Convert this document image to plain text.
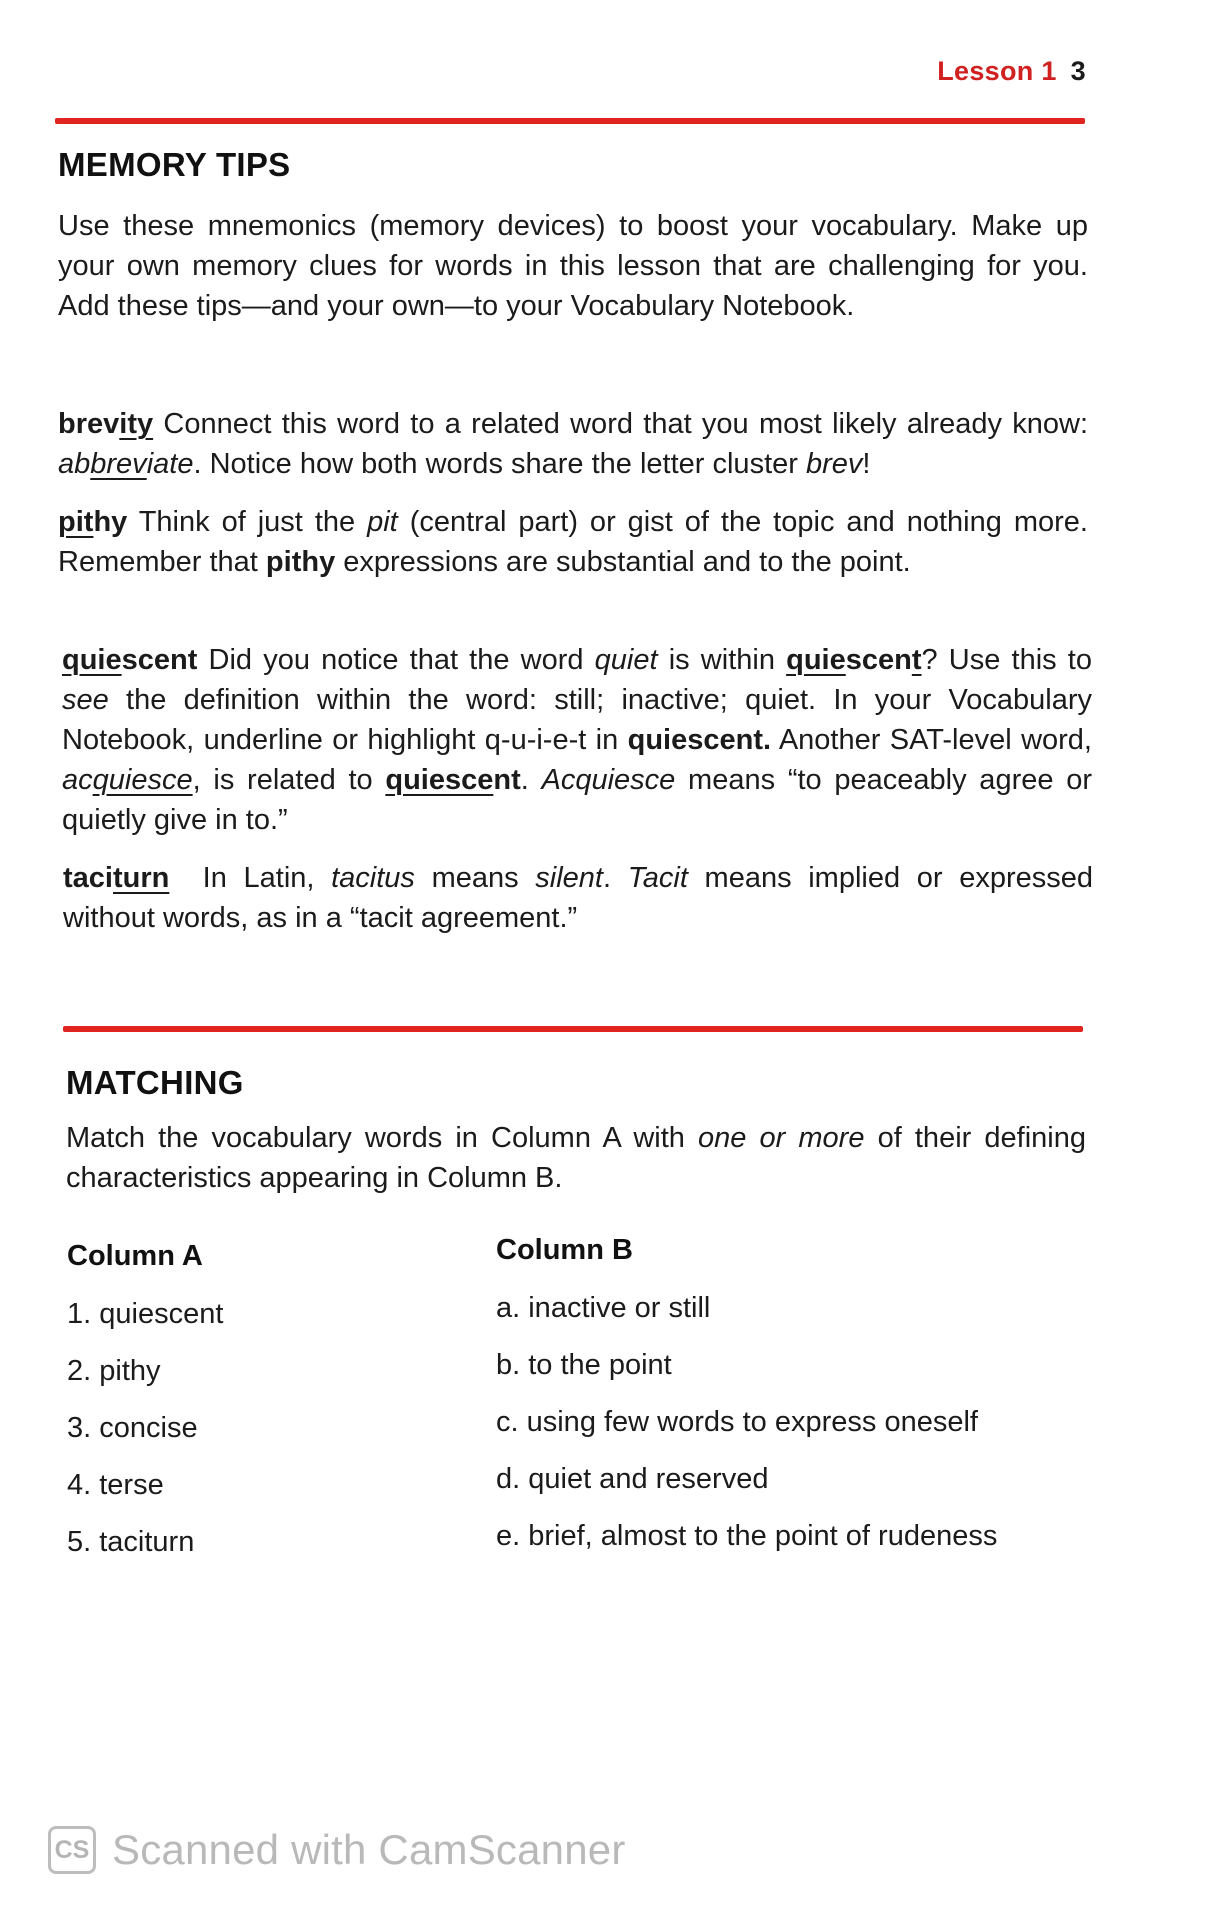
Lesson 1 3
MEMORY TIPS

Use these mnemonics (memory devices) to boost your vocabulary. Make up your own memory clues for words in this lesson that are challenging for you. Add these tips—and your own—to your Vocabulary Notebook.

brevity Connect this word to a related word that you most likely already know: abbreviate. Notice how both words share the letter cluster brev!

pithy Think of just the pit (central part) or gist of the topic and nothing more. Remember that pithy expressions are substantial and to the point.

quiescent Did you notice that the word quiet is within quiescent? Use this to see the definition within the word: still; inactive; quiet. In your Vocabulary Notebook, underline or highlight q-u-i-e-t in quiescent. Another SAT-level word, acquiesce, is related to quiescent. Acquiesce means “to peaceably agree or quietly give in to.”

taciturn In Latin, tacitus means silent. Tacit means implied or expressed without words, as in a “tacit agreement.”

MATCHING

Match the vocabulary words in Column A with one or more of their defining characteristics appearing in Column B.

Column A	Column B
1. quiescent
2. pithy
3. concise
4. terse
5. taciturn
a. inactive or still
b. to the point
c. using few words to express oneself
d. quiet and reserved
e. brief, almost to the point of rudeness
CS Scanned with CamScanner
